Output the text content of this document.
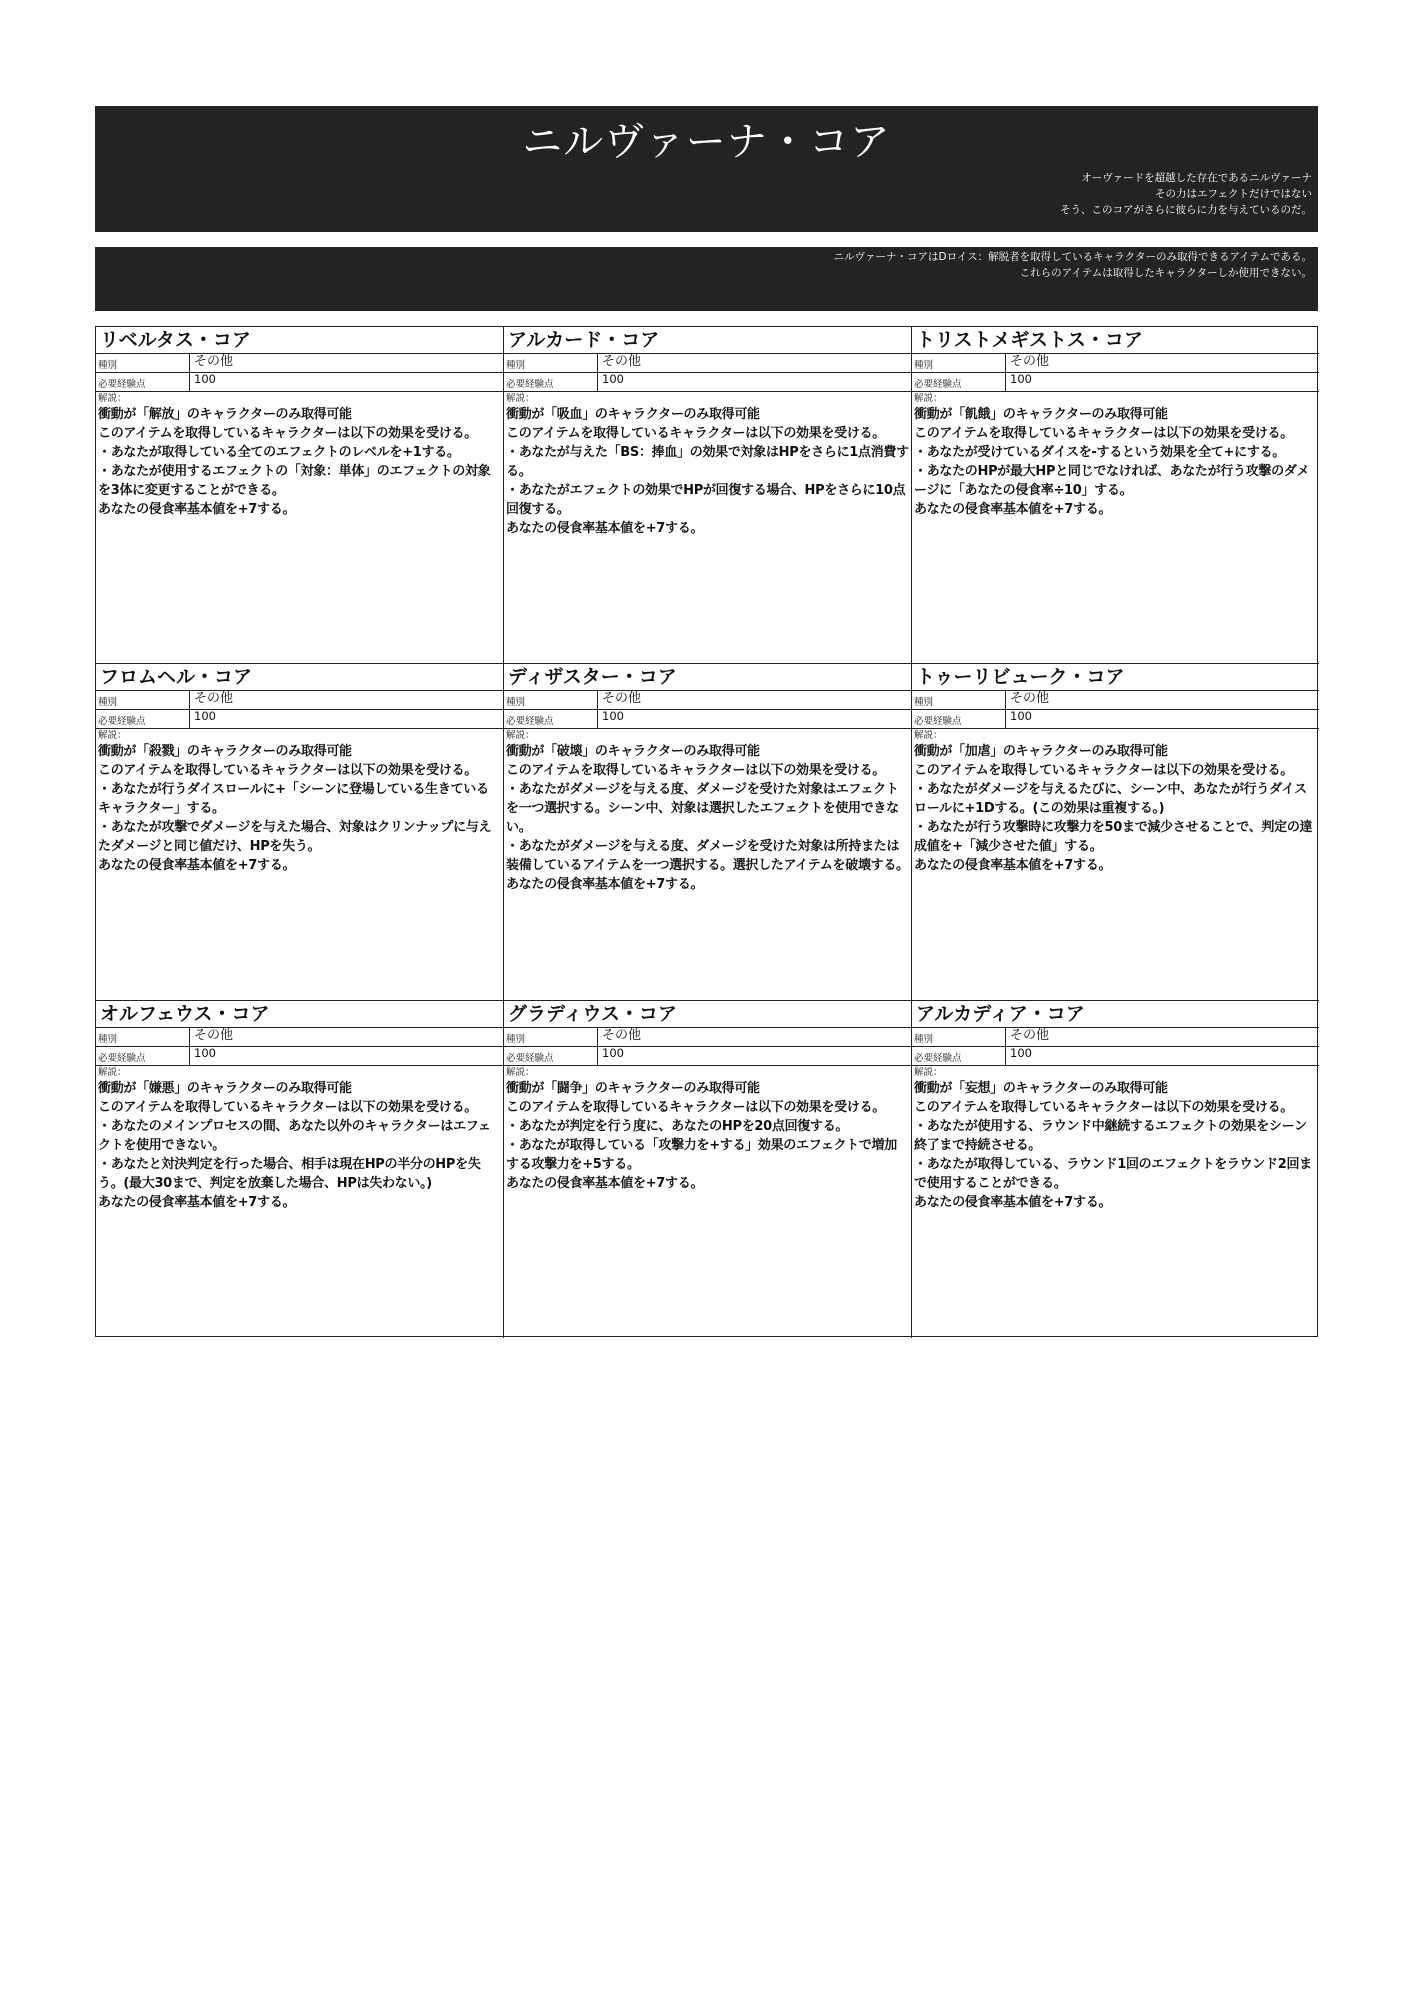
ニルヴァーナ・コア
オーヴァードを超越した存在であるニルヴァーナ
その力はエフェクトだけではない
そう、このコアがさらに彼らに力を与えているのだ。
ニルヴァーナ・コアはDロイス：解脱者を取得しているキャラクターのみ取得できるアイテムである。
これらのアイテムは取得したキャラクターしか使用できない。
リベルタス・コア
種別	その他
必要経験点	100
解説：
衝動が「解放」のキャラクターのみ取得可能
このアイテムを取得しているキャラクターは以下の効果を受ける。
・あなたが取得している全てのエフェクトのレベルを+1する。
・あなたが使用するエフェクトの「対象：単体」のエフェクトの対象を3体に変更することができる。
あなたの侵食率基本値を+7する。
アルカード・コア
種別	その他
必要経験点	100
解説：
衝動が「吸血」のキャラクターのみ取得可能
このアイテムを取得しているキャラクターは以下の効果を受ける。
・あなたが与えた「BS：捧血」の効果で対象はHPをさらに1点消費する。
・あなたがエフェクトの効果でHPが回復する場合、HPをさらに10点回復する。
あなたの侵食率基本値を+7する。
トリストメギストス・コア
種別	その他
必要経験点	100
解説：
衝動が「飢餓」のキャラクターのみ取得可能
このアイテムを取得しているキャラクターは以下の効果を受ける。
・あなたが受けているダイスを-するという効果を全て+にする。
・あなたのHPが最大HPと同じでなければ、あなたが行う攻撃のダメージに「あなたの侵食率÷10」する。
あなたの侵食率基本値を+7する。
フロムヘル・コア
種別	その他
必要経験点	100
解説：
衝動が「殺戮」のキャラクターのみ取得可能
このアイテムを取得しているキャラクターは以下の効果を受ける。
・あなたが行うダイスロールに+「シーンに登場している生きているキャラクター」する。
・あなたが攻撃でダメージを与えた場合、対象はクリンナップに与えたダメージと同じ値だけ、HPを失う。
あなたの侵食率基本値を+7する。
ディザスター・コア
種別	その他
必要経験点	100
解説：
衝動が「破壊」のキャラクターのみ取得可能
このアイテムを取得しているキャラクターは以下の効果を受ける。
・あなたがダメージを与える度、ダメージを受けた対象はエフェクトを一つ選択する。シーン中、対象は選択したエフェクトを使用できない。
・あなたがダメージを与える度、ダメージを受けた対象は所持または装備しているアイテムを一つ選択する。選択したアイテムを破壊する。
あなたの侵食率基本値を+7する。
トゥーリビューク・コア
種別	その他
必要経験点	100
解説：
衝動が「加虐」のキャラクターのみ取得可能
このアイテムを取得しているキャラクターは以下の効果を受ける。
・あなたがダメージを与えるたびに、シーン中、あなたが行うダイスロールに+1Dする。(この効果は重複する。)
・あなたが行う攻撃時に攻撃力を50まで減少させることで、判定の達成値を+「減少させた値」する。
あなたの侵食率基本値を+7する。
オルフェウス・コア
種別	その他
必要経験点	100
解説：
衝動が「嫌悪」のキャラクターのみ取得可能
このアイテムを取得しているキャラクターは以下の効果を受ける。
・あなたのメインプロセスの間、あなた以外のキャラクターはエフェクトを使用できない。
・あなたと対決判定を行った場合、相手は現在HPの半分のHPを失う。(最大30まで、判定を放棄した場合、HPは失わない。)
あなたの侵食率基本値を+7する。
グラディウス・コア
種別	その他
必要経験点	100
解説：
衝動が「闘争」のキャラクターのみ取得可能
このアイテムを取得しているキャラクターは以下の効果を受ける。
・あなたが判定を行う度に、あなたのHPを20点回復する。
・あなたが取得している「攻撃力を+する」効果のエフェクトで増加する攻撃力を+5する。
あなたの侵食率基本値を+7する。
アルカディア・コア
種別	その他
必要経験点	100
解説：
衝動が「妄想」のキャラクターのみ取得可能
このアイテムを取得しているキャラクターは以下の効果を受ける。
・あなたが使用する、ラウンド中継続するエフェクトの効果をシーン終了まで持続させる。
・あなたが取得している、ラウンド1回のエフェクトをラウンド2回まで使用することができる。
あなたの侵食率基本値を+7する。
